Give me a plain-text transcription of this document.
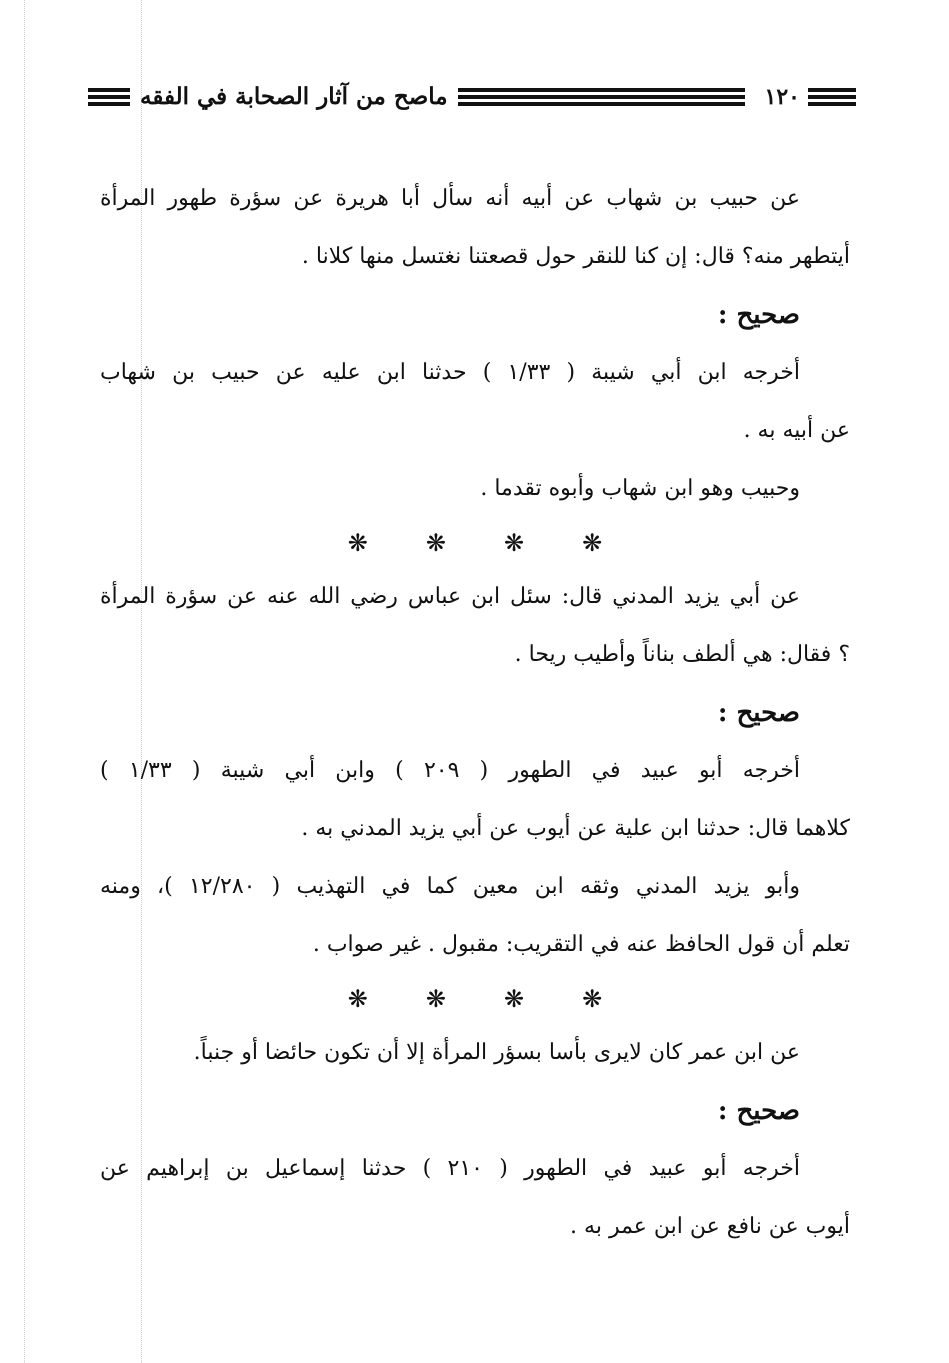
١٢٠
ماصح من آثار الصحابة في الفقه
عن حبيب بن شهاب عن أبيه أنه سأل أبا هريرة عن سؤرة طهور المرأة
أيتطهر منه؟ قال: إن كنا للنقر حول قصعتنا نغتسل منها كلانا .
صحيح :
أخرجه ابن أبي شيبة ( ١/٣٣ ) حدثنا ابن عليه عن حبيب بن شهاب
عن أبيه به .
وحبيب وهو ابن شهاب وأبوه تقدما .
❋ ❋ ❋ ❋
عن أبي يزيد المدني قال: سئل ابن عباس رضي الله عنه عن سؤرة المرأة
؟ فقال: هي ألطف بناناً وأطيب ريحا .
صحيح :
أخرجه أبو عبيد في الطهور ( ٢٠٩ ) وابن أبي شيبة ( ١/٣٣ )
كلاهما قال: حدثنا ابن علية عن أيوب عن أبي يزيد المدني به .
وأبو يزيد المدني وثقه ابن معين كما في التهذيب ( ١٢/٢٨٠ )، ومنه
تعلم أن قول الحافظ عنه في التقريب: مقبول . غير صواب .
❋ ❋ ❋ ❋
عن ابن عمر كان لايرى بأسا بسؤر المرأة إلا أن تكون حائضا أو جنباً.
صحيح :
أخرجه أبو عبيد في الطهور ( ٢١٠ ) حدثنا إسماعيل بن إبراهيم عن
أيوب عن نافع عن ابن عمر به .
